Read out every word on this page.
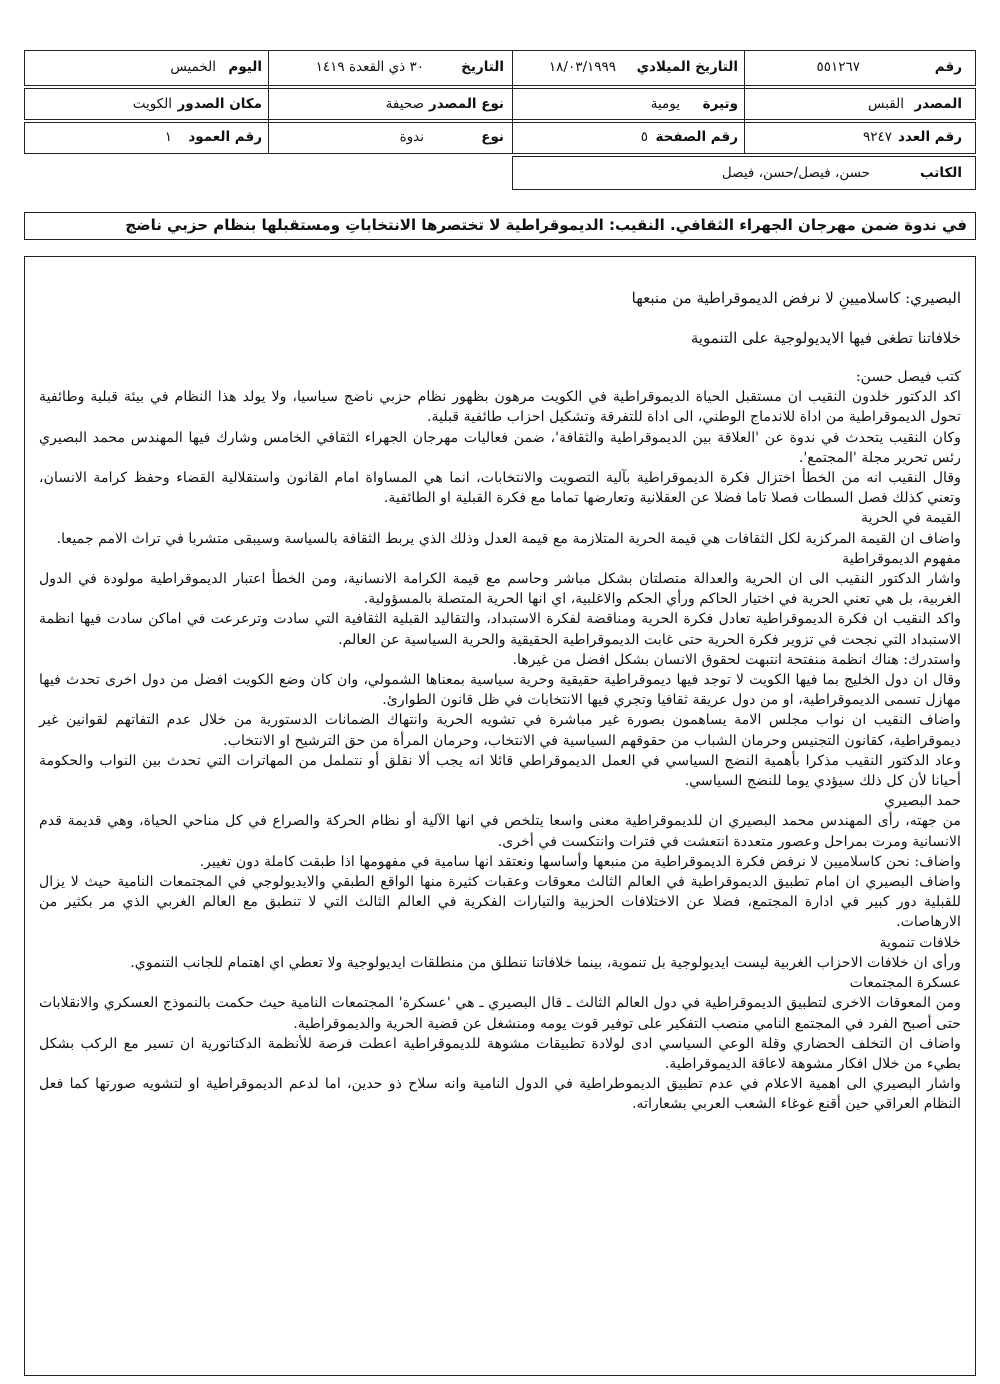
رقم
٥٥١٢٦٧
التاريخ الميلادي
١٨/٠٣/١٩٩٩
التاريخ
٣٠ ذي القعدة ١٤١٩
اليوم
الخميس
المصدر
القبس
وتيرة
يومية
نوع المصدر
صحيفة
مكان الصدور
الكويت
رقم العدد
٩٢٤٧
رقم الصفحة
٥
نوع
ندوة
رقم العمود
١
الكاتب
حسن، فيصل/حسن، فيصل
في ندوة ضمن مهرجان الجهراء الثقافي. النقيب: الديموقراطية لا تختصرها الانتخاباتِ ومستقبلها بنظام حزبي ناضج

البصيري: كاسلاميينِ لا نرفض الديموقراطية من منبعها

خلافاتنا تطغى فيها الايديولوجية على التنموية

كتب فيصل حسن:

اكد الدكتور خلدون النقيب ان مستقبل الحياة الديموقراطية في الكويت مرهون بظهور نظام حزبي ناضج سياسيا، ولا يولد هذا النظام في بيئة قبلية وطائفية تحول الديموقراطية من اداة للاندماج الوطني، الى اداة للتفرقة وتشكيل احزاب طائفية قبلية.

وكان النقيب يتحدث في ندوة عن 'العلاقة بين الديموقراطية والثقافة'، ضمن فعاليات مهرجان الجهراء الثقافي الخامس وشارك فيها المهندس محمد البصيري رئس تحرير مجلة 'المجتمع'.

وقال النقيب انه من الخطأ اختزال فكرة الديموقراطية بآلية التصويت والانتخابات، انما هي المساواة امام القانون واستقلالية القضاء وحفظ كرامة الانسان، وتعني كذلك فصل السطات فصلا تاما فضلا عن العقلانية وتعارضها تماما مع فكرة القبلية او الطائفية.

القيمة في الحرية

واضاف ان القيمة المركزية لكل الثقافات هي قيمة الحرية المتلازمة مع قيمة العدل وذلك الذي يربط الثقافة بالسياسة وسيبقى متشربا في تراث الامم جميعا.

مفهوم الديموقراطية

واشار الدكتور النقيب الى ان الحرية والعدالة متصلتان بشكل مباشر وحاسم مع قيمة الكرامة الانسانية، ومن الخطأ اعتبار الديموقراطية مولودة في الدول الغربية، بل هي تعني الحرية في اختيار الحاكم ورأي الحكم والاغلبية، اي انها الحرية المتصلة بالمسؤولية.

واكد النقيب ان فكرة الديموقراطية تعادل فكرة الحرية ومناقضة لفكرة الاستبداد، والتقاليد القبلية الثقافية التي سادت وترعرعت في اماكن سادت فيها انظمة الاستبداد التي نجحت في تزوير فكرة الحرية حتى غابت الديموقراطية الحقيقية والحرية السياسية عن العالم.

واستدرك: هناك انظمة منفتحة انتبهت لحقوق الانسان بشكل افضل من غيرها.

وقال ان دول الخليج بما فيها الكويت لا توجد فيها ديموقراطية حقيقية وحرية سياسية بمعناها الشمولي، وان كان وضع الكويت افضل من دول اخرى تحدث فيها مهازل تسمى الديموقراطية، او من دول عريقة ثقافيا وتجري فيها الانتخابات في ظل قانون الطوارئ.

واضاف النقيب ان نواب مجلس الامة يساهمون بصورة غير مباشرة في تشويه الحرية وانتهاك الضمانات الدستورية من خلال عدم التفاتهم لقوانين غير ديموقراطية، كقانون التجنيس وحرمان الشباب من حقوقهم السياسية في الانتخاب، وحرمان المرأة من حق الترشيح او الانتخاب.

وعاد الدكتور النقيب مذكرا بأهمية النضج السياسي في العمل الديموقراطي قائلا انه يجب ألا نقلق أو نتململ من المهاترات التي تحدث بين النواب والحكومة أحيانا لأن كل ذلك سيؤدي يوما للنضج السياسي.

حمد البصيري

من جهته، رأى المهندس محمد البصيري ان للديموقراطية معنى واسعا يتلخص في انها الآلية أو نظام الحركة والصراع في كل مناحي الحياة، وهي قديمة قدم الانسانية ومرت بمراحل وعصور متعددة انتعشت في فترات وانتكست في أخرى.

واضاف: نحن كاسلاميين لا نرفض فكرة الديموقراطية من منبعها وأساسها ونعتقد انها سامية في مفهومها اذا طبقت كاملة دون تغيير.

واضاف البصيري ان امام تطبيق الديموقراطية في العالم الثالث معوقات وعقبات كثيرة منها الواقع الطبقي والايديولوجي في المجتمعات النامية حيث لا يزال للقبلية دور كبير في ادارة المجتمع، فضلا عن الاختلافات الحزبية والتيارات الفكرية في العالم الثالث التي لا تنطبق مع العالم الغربي الذي مر بكثير من الارهاصات.

خلافات تنموية

ورأى ان خلافات الاحزاب الغربية ليست ايديولوجية بل تنموية، بينما خلافاتنا تنطلق من منطلقات ايديولوجية ولا تعطي اي اهتمام للجانب التنموي.

عسكرة المجتمعات

ومن المعوقات الاخرى لتطبيق الديموقراطية في دول العالم الثالث ـ قال البصيري ـ هي 'عسكرة' المجتمعات النامية حيث حكمت بالنموذج العسكري والانقلابات حتى أصبح الفرد في المجتمع النامي منصب التفكير على توفير قوت يومه ومنشغل عن قضية الحرية والديموقراطية.

واضاف ان التخلف الحضاري وقلة الوعي السياسي ادى لولادة تطبيقات مشوهة للديموقراطية اعطت فرصة للأنظمة الدكتاتورية ان تسير مع الركب بشكل بطيء من خلال افكار مشوهة لاعاقة الديموقراطية.

واشار البصيري الى اهمية الاعلام في عدم تطبيق الديموطراطية في الدول النامية وانه سلاح ذو حدين، اما لدعم الديموقراطية او لتشويه صورتها كما فعل النظام العراقي حين أقنع غوغاء الشعب العربي بشعاراته.
